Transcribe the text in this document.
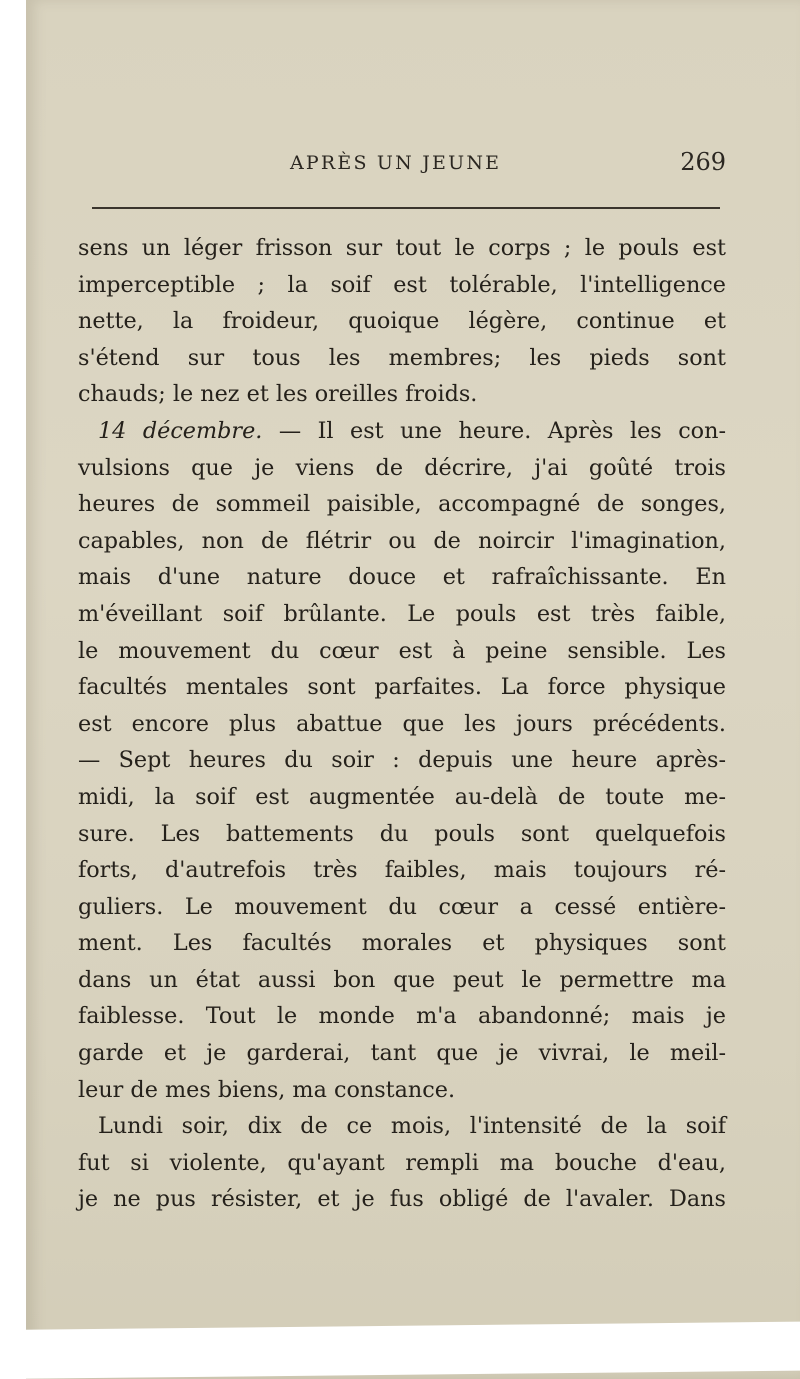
APRÈS UN JEUNE	269
sens un léger frisson sur tout le corps ; le pouls est
imperceptible ; la soif est tolérable, l'intelligence
nette, la froideur, quoique légère, continue et
s'étend sur tous les membres; les pieds sont
chauds; le nez et les oreilles froids.
14 décembre. — Il est une heure. Après les con-
vulsions que je viens de décrire, j'ai goûté trois
heures de sommeil paisible, accompagné de songes,
capables, non de flétrir ou de noircir l'imagination,
mais d'une nature douce et rafraîchissante. En
m'éveillant soif brûlante. Le pouls est très faible,
le mouvement du cœur est à peine sensible. Les
facultés mentales sont parfaites. La force physique
est encore plus abattue que les jours précédents.
— Sept heures du soir : depuis une heure après-
midi, la soif est augmentée au-delà de toute me-
sure. Les battements du pouls sont quelquefois
forts, d'autrefois très faibles, mais toujours ré-
guliers. Le mouvement du cœur a cessé entière-
ment. Les facultés morales et physiques sont
dans un état aussi bon que peut le permettre ma
faiblesse. Tout le monde m'a abandonné; mais je
garde et je garderai, tant que je vivrai, le meil-
leur de mes biens, ma constance.
Lundi soir, dix de ce mois, l'intensité de la soif
fut si violente, qu'ayant rempli ma bouche d'eau,
je ne pus résister, et je fus obligé de l'avaler. Dans
